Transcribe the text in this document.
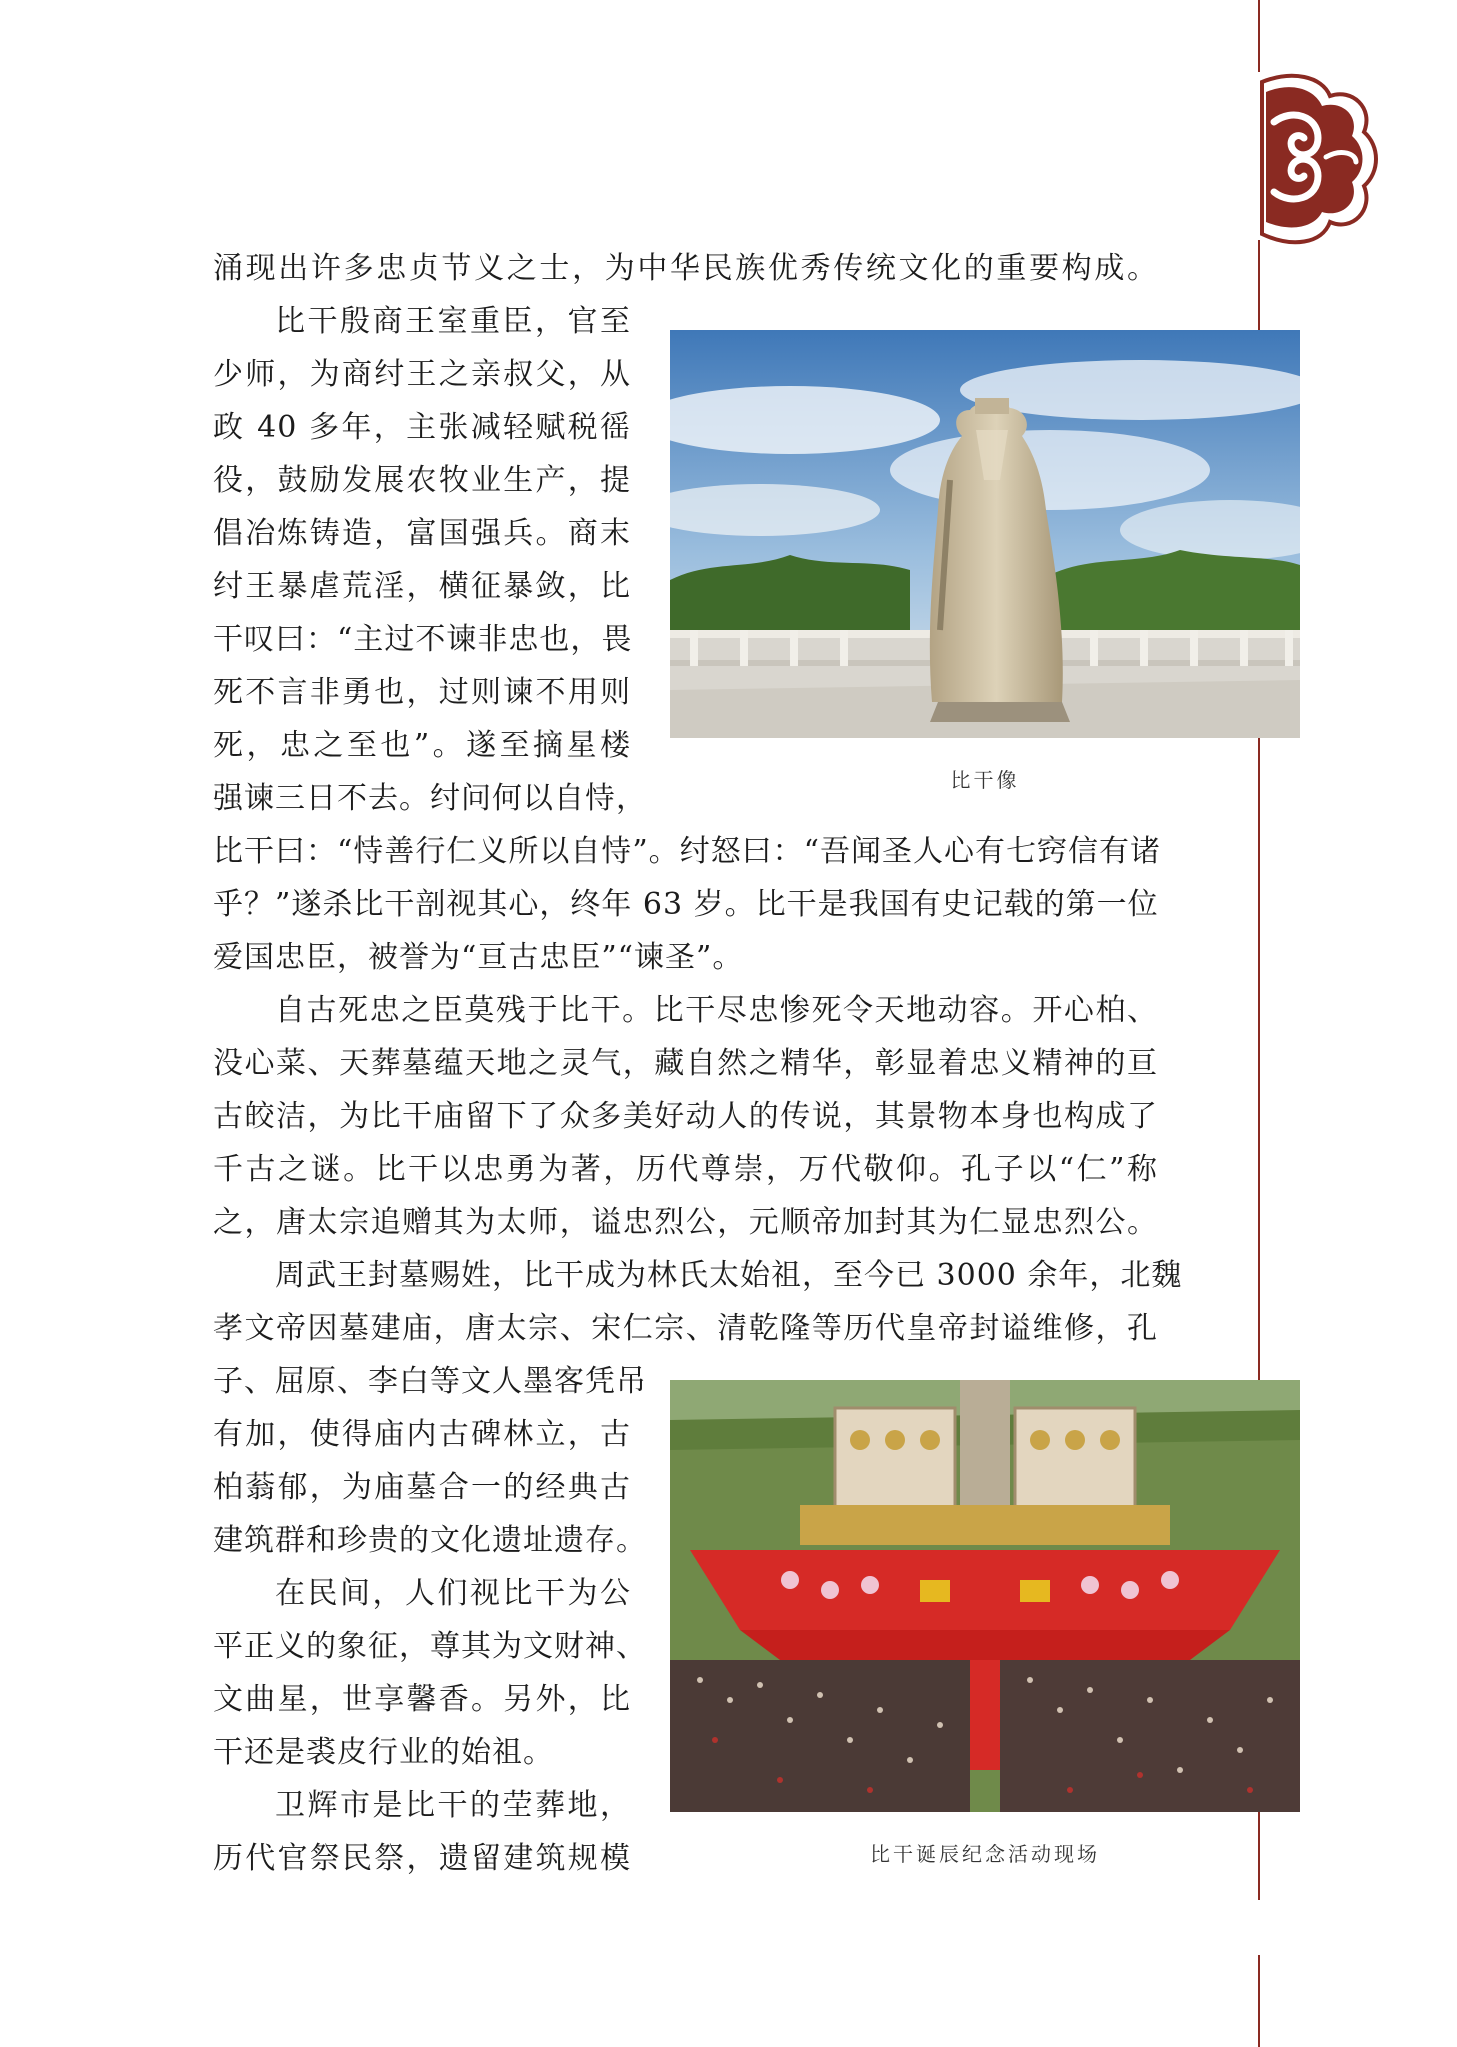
涌现出许多忠贞节义之士，为中华民族优秀传统文化的重要构成。
比干殷商王室重臣，官至
少师，为商纣王之亲叔父，从
政 40 多年，主张减轻赋税徭
役，鼓励发展农牧业生产，提
倡冶炼铸造，富国强兵。商末
纣王暴虐荒淫，横征暴敛，比
干叹曰：“主过不谏非忠也，畏
死不言非勇也，过则谏不用则
死，忠之至也”。遂至摘星楼
强谏三日不去。纣问何以自恃，
比干曰：“恃善行仁义所以自恃”。纣怒曰：“吾闻圣人心有七窍信有诸
乎？”遂杀比干剖视其心，终年 63 岁。比干是我国有史记载的第一位
爱国忠臣，被誉为“亘古忠臣”“谏圣”。
自古死忠之臣莫残于比干。比干尽忠惨死令天地动容。开心柏、
没心菜、天葬墓蕴天地之灵气，藏自然之精华，彰显着忠义精神的亘
古皎洁，为比干庙留下了众多美好动人的传说，其景物本身也构成了
千古之谜。比干以忠勇为著，历代尊崇，万代敬仰。孔子以“仁”称
之，唐太宗追赠其为太师，谥忠烈公，元顺帝加封其为仁显忠烈公。
周武王封墓赐姓，比干成为林氏太始祖，至今已 3000 余年，北魏
孝文帝因墓建庙，唐太宗、宋仁宗、清乾隆等历代皇帝封谥维修，孔
子、屈原、李白等文人墨客凭吊
有加，使得庙内古碑林立，古
柏蓊郁，为庙墓合一的经典古
建筑群和珍贵的文化遗址遗存。
在民间，人们视比干为公
平正义的象征，尊其为文财神、
文曲星，世享馨香。另外，比
干还是裘皮行业的始祖。
卫辉市是比干的茔葬地，
历代官祭民祭，遗留建筑规模
比干像
比干诞辰纪念活动现场
